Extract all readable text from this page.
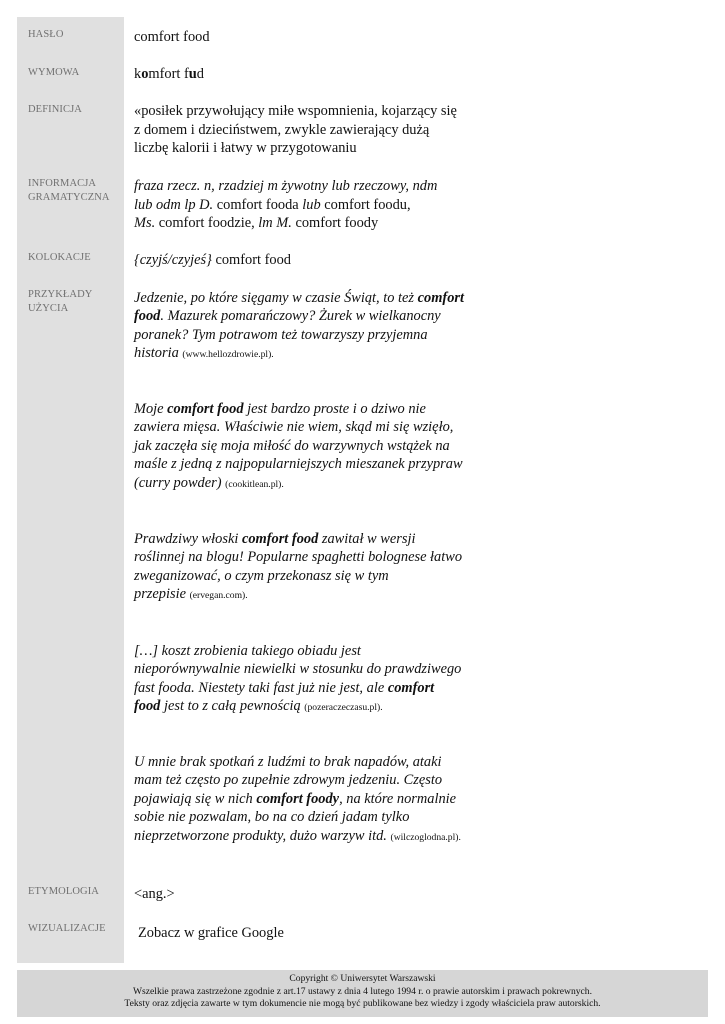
HASŁO
WYMOWA
DEFINICJA
INFORMACJA
GRAMATYCZNA
KOLOKACJE
PRZYKŁADY
UŻYCIA
ETYMOLOGIA
WIZUALIZACJE
comfort food
komfort fud
«posiłek przywołujący miłe wspomnienia, kojarzący się
z domem i dzieciństwem, zwykle zawierający dużą
liczbę kalorii i łatwy w przygotowaniu
fraza rzecz. n, rzadziej m żywotny lub rzeczowy, ndm
lub odm lp D. comfort fooda lub comfort foodu,
Ms. comfort foodzie, lm M. comfort foody
{czyjś/czyjeś} comfort food
Jedzenie, po które sięgamy w czasie Świąt, to też comfort
food. Mazurek pomarańczowy? Żurek w wielkanocny
poranek? Tym potrawom też towarzyszy przyjemna
historia (www.hellozdrowie.pl).
Moje comfort food jest bardzo proste i o dziwo nie
zawiera mięsa. Właściwie nie wiem, skąd mi się wzięło,
jak zaczęła się moja miłość do warzywnych wstążek na
maśle z jedną z najpopularniejszych mieszanek przypraw
(curry powder) (cookitlean.pl).
Prawdziwy włoski comfort food zawitał w wersji
roślinnej na blogu! Popularne spaghetti bolognese łatwo
zweganizować, o czym przekonasz się w tym
przepisie (ervegan.com).
[…] koszt zrobienia takiego obiadu jest
nieporównywalnie niewielki w stosunku do prawdziwego
fast fooda. Niestety taki fast już nie jest, ale comfort
food jest to z całą pewnością (pozeraczeczasu.pl).
U mnie brak spotkań z ludźmi to brak napadów, ataki
mam też często po zupełnie zdrowym jedzeniu. Często
pojawiają się w nich comfort foody, na które normalnie
sobie nie pozwalam, bo na co dzień jadam tylko
nieprzetworzone produkty, dużo warzyw itd. (wilczoglodna.pl).
<ang.>
Zobacz w grafice Google
Copyright © Uniwersytet Warszawski
Wszelkie prawa zastrzeżone zgodnie z art.17 ustawy z dnia 4 lutego 1994 r. o prawie autorskim i prawach pokrewnych.
Teksty oraz zdjęcia zawarte w tym dokumencie nie mogą być publikowane bez wiedzy i zgody właściciela praw autorskich.
